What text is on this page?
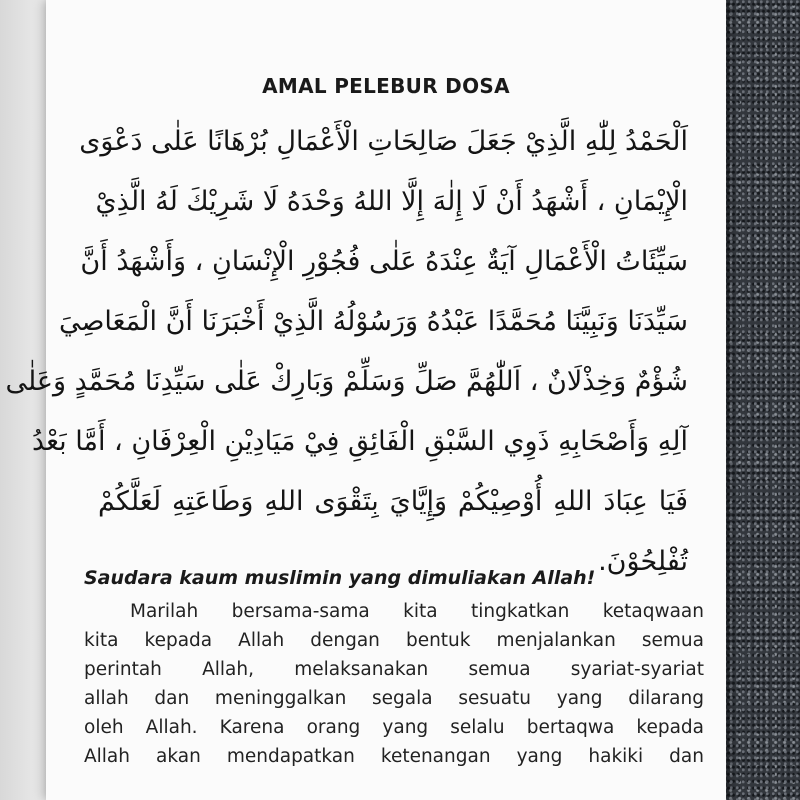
AMAL PELEBUR DOSA
اَلْحَمْدُ لِلّٰهِ الَّذِيْ جَعَلَ صَالِحَاتِ الْأَعْمَالِ بُرْهَانًا عَلٰى دَعْوَى
الْإِيْمَانِ ، أَشْهَدُ أَنْ لَا إِلٰهَ إِلَّا اللهُ وَحْدَهُ لَا شَرِيْكَ لَهُ الَّذِيْ
سَيِّئَاتُ الْأَعْمَالِ آيَةٌ عِنْدَهُ عَلٰى فُجُوْرِ الْإِنْسَانِ ، وَأَشْهَدُ أَنَّ
سَيِّدَنَا وَنَبِيَّنَا مُحَمَّدًا عَبْدُهُ وَرَسُوْلُهُ الَّذِيْ أَخْبَرَنَا أَنَّ الْمَعَاصِيَ
شُؤْمٌ وَخِذْلَانٌ ، اَللّٰهُمَّ صَلِّ وَسَلِّمْ وَبَارِكْ عَلٰى سَيِّدِنَا مُحَمَّدٍ وَعَلٰى
آلِهِ وَأَصْحَابِهِ ذَوِي السَّبْقِ الْفَائِقِ فِيْ مَيَادِيْنِ الْعِرْفَانِ ، أَمَّا بَعْدُ
فَيَا عِبَادَ اللهِ أُوْصِيْكُمْ وَإِيَّايَ بِتَقْوَى اللهِ وَطَاعَتِهِ لَعَلَّكُمْ
تُفْلِحُوْنَ.
Saudara kaum muslimin yang dimuliakan Allah!
Marilah bersama-sama kita tingkatkan ketaqwaan
kita kepada Allah dengan bentuk menjalankan semua
perintah Allah, melaksanakan semua syariat-syariat
allah dan meninggalkan segala sesuatu yang dilarang
oleh Allah. Karena orang yang selalu bertaqwa kepada
Allah akan mendapatkan ketenangan yang hakiki dan
